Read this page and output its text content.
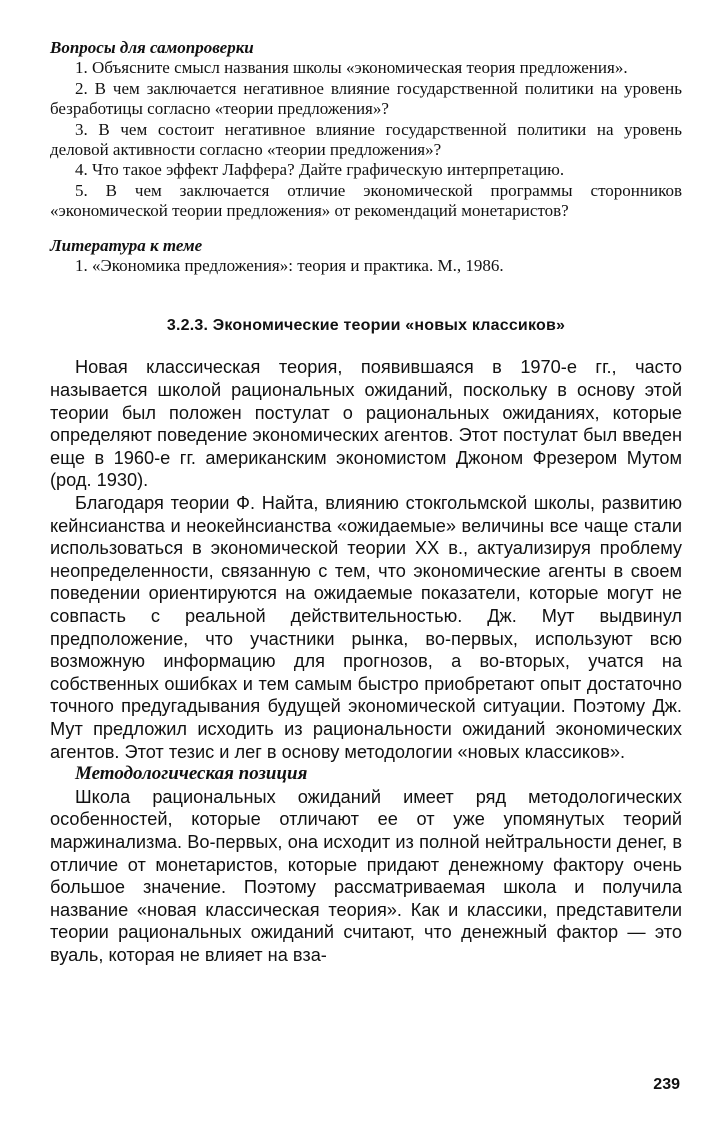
Вопросы для самопроверки

1. Объясните смысл названия школы «экономическая теория предложения».

2. В чем заключается негативное влияние государственной политики на уровень безработицы согласно «теории предложения»?

3. В чем состоит негативное влияние государственной политики на уровень деловой активности согласно «теории предложения»?

4. Что такое эффект Лаффера? Дайте графическую интерпретацию.

5. В чем заключается отличие экономической программы сторонников «экономической теории предложения» от рекомендаций монетаристов?

Литература к теме

1. «Экономика предложения»: теория и практика. М., 1986.

3.2.3. Экономические теории «новых классиков»

Новая классическая теория, появившаяся в 1970-е гг., часто называется школой рациональных ожиданий, поскольку в основу этой теории был положен постулат о рациональных ожиданиях, которые определяют поведение экономических агентов. Этот постулат был введен еще в 1960-е гг. американским экономистом Джоном Фрезером Мутом (род. 1930).

Благодаря теории Ф. Найта, влиянию стокгольмской школы, развитию кейнсианства и неокейнсианства «ожидаемые» величины все чаще стали использоваться в экономической теории XX в., актуализируя проблему неопределенности, связанную с тем, что экономические агенты в своем поведении ориентируются на ожидаемые показатели, которые могут не совпасть с реальной действительностью. Дж. Мут выдвинул предположение, что участники рынка, во-первых, используют всю возможную информацию для прогнозов, а во-вторых, учатся на собственных ошибках и тем самым быстро приобретают опыт достаточно точного предугадывания будущей экономической ситуации. Поэтому Дж. Мут предложил исходить из рациональности ожиданий экономических агентов. Этот тезис и лег в основу методологии «новых классиков».

Методологическая позиция

Школа рациональных ожиданий имеет ряд методологических особенностей, которые отличают ее от уже упомянутых теорий маржинализма. Во-первых, она исходит из полной нейтральности денег, в отличие от монетаристов, которые придают денежному фактору очень большое значение. Поэтому рассматриваемая школа и получила название «новая классическая теория». Как и классики, представители теории рациональных ожиданий считают, что денежный фактор — это вуаль, которая не влияет на вза-

239
